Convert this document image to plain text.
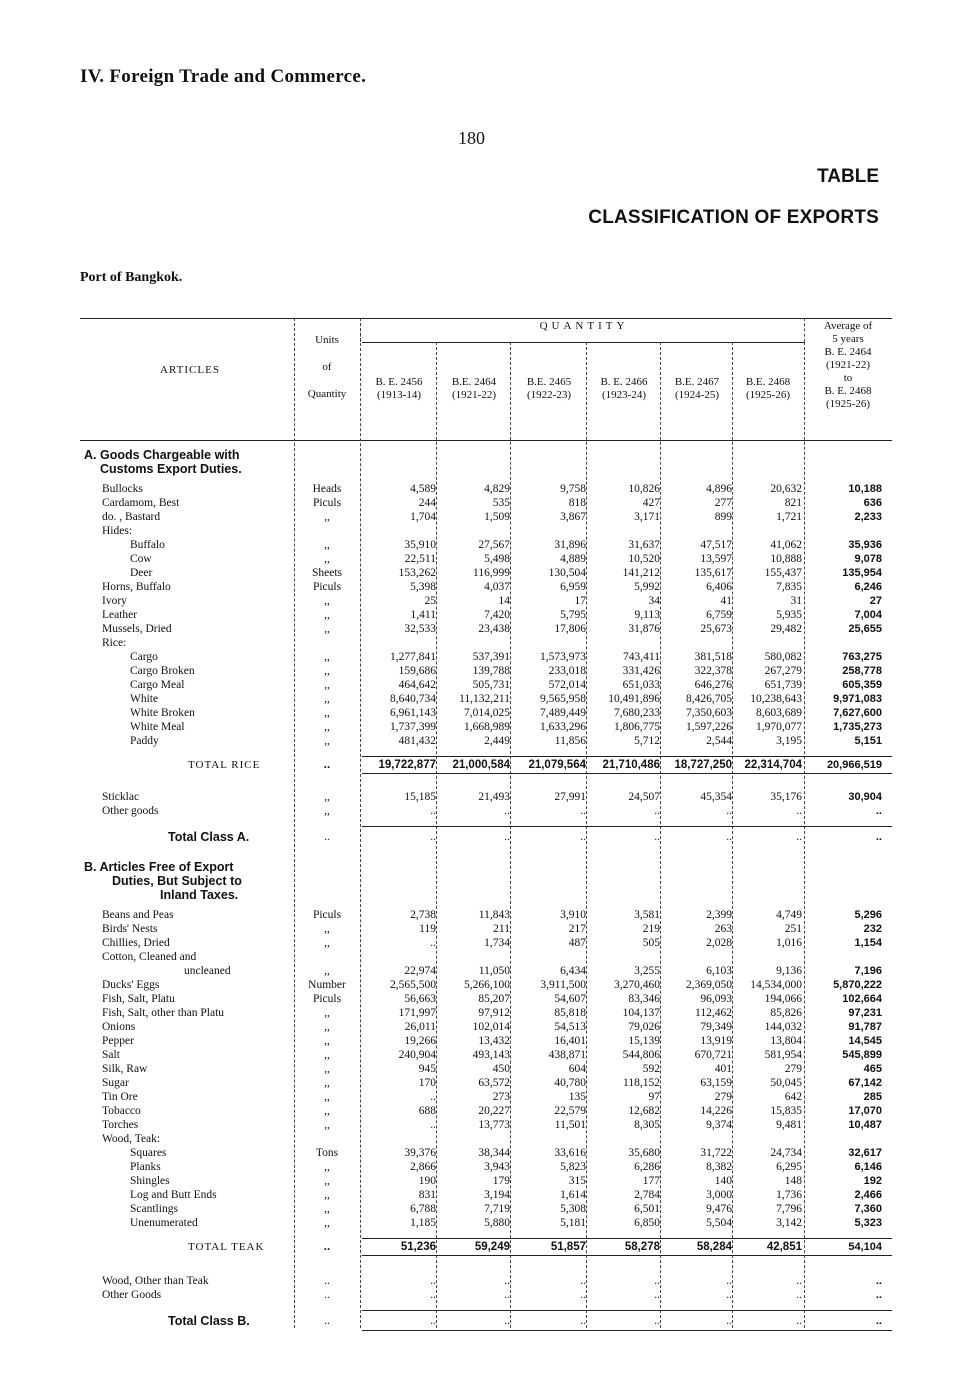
IV. Foreign Trade and Commerce.
180
TABLE
CLASSIFICATION OF EXPORTS
Port of Bangkok.
ARTICLES
Units
of
Quantity
QUANTITY
B. E. 2456
(1913-14)
B.E. 2464
(1921-22)
B.E. 2465
(1922-23)
B. E. 2466
(1923-24)
B.E. 2467
(1924-25)
B.E. 2468
(1925-26)
Average of
5 years
B. E. 2464
(1921-22)
to
B. E. 2468
(1925-26)
A. Goods Chargeable with
Customs Export Duties.
B. Articles Free of Export
Duties, But Subject to
Inland Taxes.
Bullocks	Heads	4,589	4,829	9,758	10,826	4,896	20,632	10,188
Cardamom, Best	Piculs	244	535	818	427	277	821	636
do. , Bastard	,,	1,704	1,509	3,867	3,171	899	1,721	2,233
Hides:
Buffalo	,,	35,910	27,567	31,896	31,637	47,517	41,062	35,936
Cow	,,	22,511	5,498	4,889	10,520	13,597	10,888	9,078
Deer	Sheets	153,262	116,999	130,504	141,212	135,617	155,437	135,954
Horns, Buffalo	Piculs	5,398	4,037	6,959	5,992	6,406	7,835	6,246
Ivory	,,	25	14	17	34	41	31	27
Leather	,,	1,411	7,420	5,795	9,113	6,759	5,935	7,004
Mussels, Dried	,,	32,533	23,438	17,806	31,876	25,673	29,482	25,655
Rice:
Cargo	,,	1,277,841	537,391	1,573,973	743,411	381,518	580,082	763,275
Cargo Broken	,,	159,686	139,788	233,018	331,426	322,378	267,279	258,778
Cargo Meal	,,	464,642	505,731	572,014	651,033	646,276	651,739	605,359
White	,,	8,640,734	11,132,211	9,565,958	10,491,896	8,426,705	10,238,643	9,971,083
White Broken	,,	6,961,143	7,014,025	7,489,449	7,680,233	7,350,603	8,603,689	7,627,600
White Meal	,,	1,737,399	1,668,989	1,633,296	1,806,775	1,597,226	1,970,077	1,735,273
Paddy	,,	481,432	2,449	11,856	5,712	2,544	3,195	5,151
TOTAL RICE	..	19,722,877	21,000,584	21,079,564	21,710,486	18,727,250	22,314,704	20,966,519
Sticklac	,,	15,185	21,493	27,991	24,507	45,354	35,176	30,904
Other goods	,,	..	..	..	..	..	..	..
Total Class A.	..	..	..	..	..	..	..	..
Beans and Peas	Piculs	2,738	11,843	3,910	3,581	2,399	4,749	5,296
Birds' Nests	,,	119	211	217	219	263	251	232
Chillies, Dried	,,	..	1,734	487	505	2,028	1,016	1,154
Cotton, Cleaned and
uncleaned	,,	22,974	11,050	6,434	3,255	6,103	9,136	7,196
Ducks' Eggs	Number	2,565,500	5,266,100	3,911,500	3,270,460	2,369,050	14,534,000	5,870,222
Fish, Salt, Platu	Piculs	56,663	85,207	54,607	83,346	96,093	194,066	102,664
Fish, Salt, other than Platu	,,	171,997	97,912	85,818	104,137	112,462	85,826	97,231
Onions	,,	26,011	102,014	54,513	79,026	79,349	144,032	91,787
Pepper	,,	19,266	13,432	16,401	15,139	13,919	13,804	14,545
Salt	,,	240,904	493,143	438,871	544,806	670,721	581,954	545,899
Silk, Raw	,,	945	450	604	592	401	279	465
Sugar	,,	170	63,572	40,780	118,152	63,159	50,045	67,142
Tin Ore	,,	..	273	135	97	279	642	285
Tobacco	,,	688	20,227	22,579	12,682	14,226	15,835	17,070
Torches	,,	..	13,773	11,501	8,305	9,374	9,481	10,487
Wood, Teak:
Squares	Tons	39,376	38,344	33,616	35,680	31,722	24,734	32,617
Planks	,,	2,866	3,943	5,823	6,286	8,382	6,295	6,146
Shingles	,,	190	179	315	177	140	148	192
Log and Butt Ends	,,	831	3,194	1,614	2,784	3,000	1,736	2,466
Scantlings	,,	6,788	7,719	5,308	6,501	9,476	7,796	7,360
Unenumerated	,,	1,185	5,880	5,181	6,850	5,504	3,142	5,323
TOTAL TEAK	..	51,236	59,249	51,857	58,278	58,284	42,851	54,104
Wood, Other than Teak	..	..	..	..	..	..	..	..
Other Goods	..	..	..	..	..	..	..	..
Total Class B.	..	..	..	..	..	..	..	..
